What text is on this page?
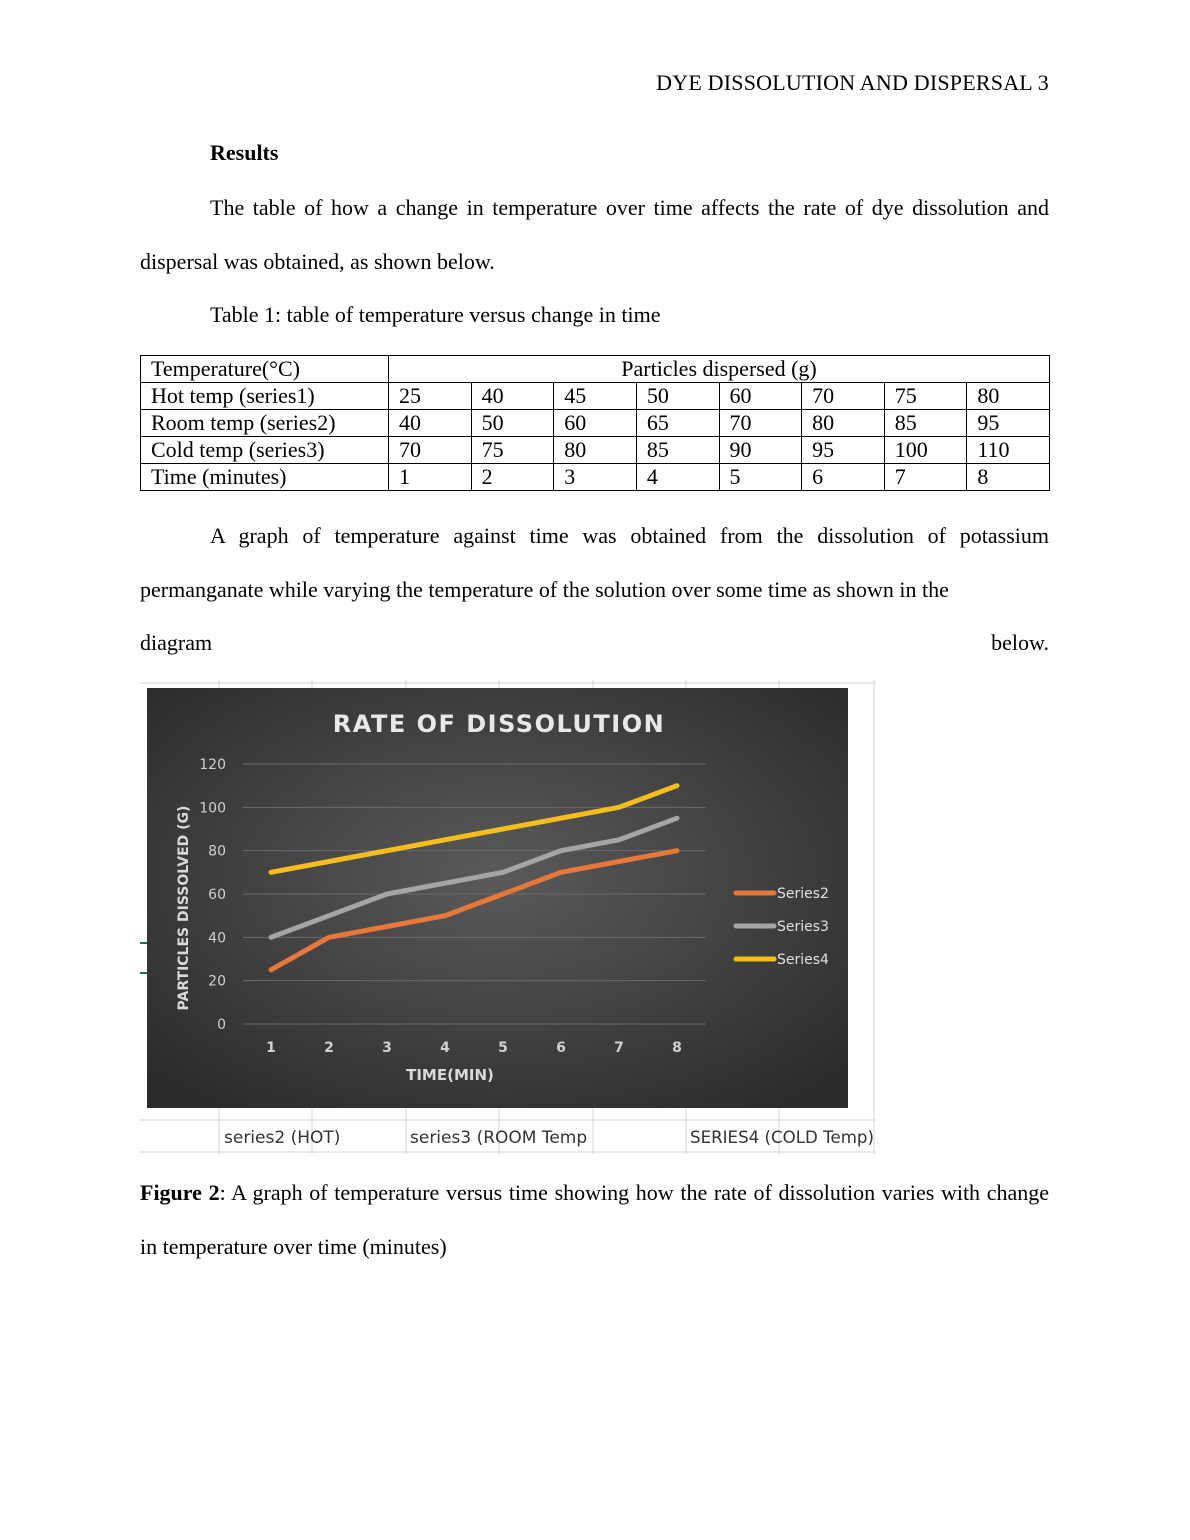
DYE DISSOLUTION AND DISPERSAL 3
Results
The table of how a change in temperature over time affects the rate of dye dissolution and dispersal was obtained, as shown below.
Table 1: table of temperature versus change in time
Temperature(°C)	Particles dispersed (g)							
Hot temp (series1)	25	40	45	50	60	70	75	80
Room temp (series2)	40	50	60	65	70	80	85	95
Cold temp (series3)	70	75	80	85	90	95	100	110
Time (minutes)	1	2	3	4	5	6	7	8
A graph of temperature against time was obtained from the dissolution of potassium permanganate while varying the temperature of the solution over some time as shown in the
diagram	below.
RATE OF DISSOLUTION
0
20
40
60
80
100
120
1	2	3	4	5	6	7	8
Series2
Series3
Series4
TIME(MIN)
PARTICLES DISSOLVED (G)
series2 (HOT)	series3 (ROOM Temp	SERIES4 (COLD Temp)
Figure 2: A graph of temperature versus time showing how the rate of dissolution varies with change in temperature over time (minutes)
